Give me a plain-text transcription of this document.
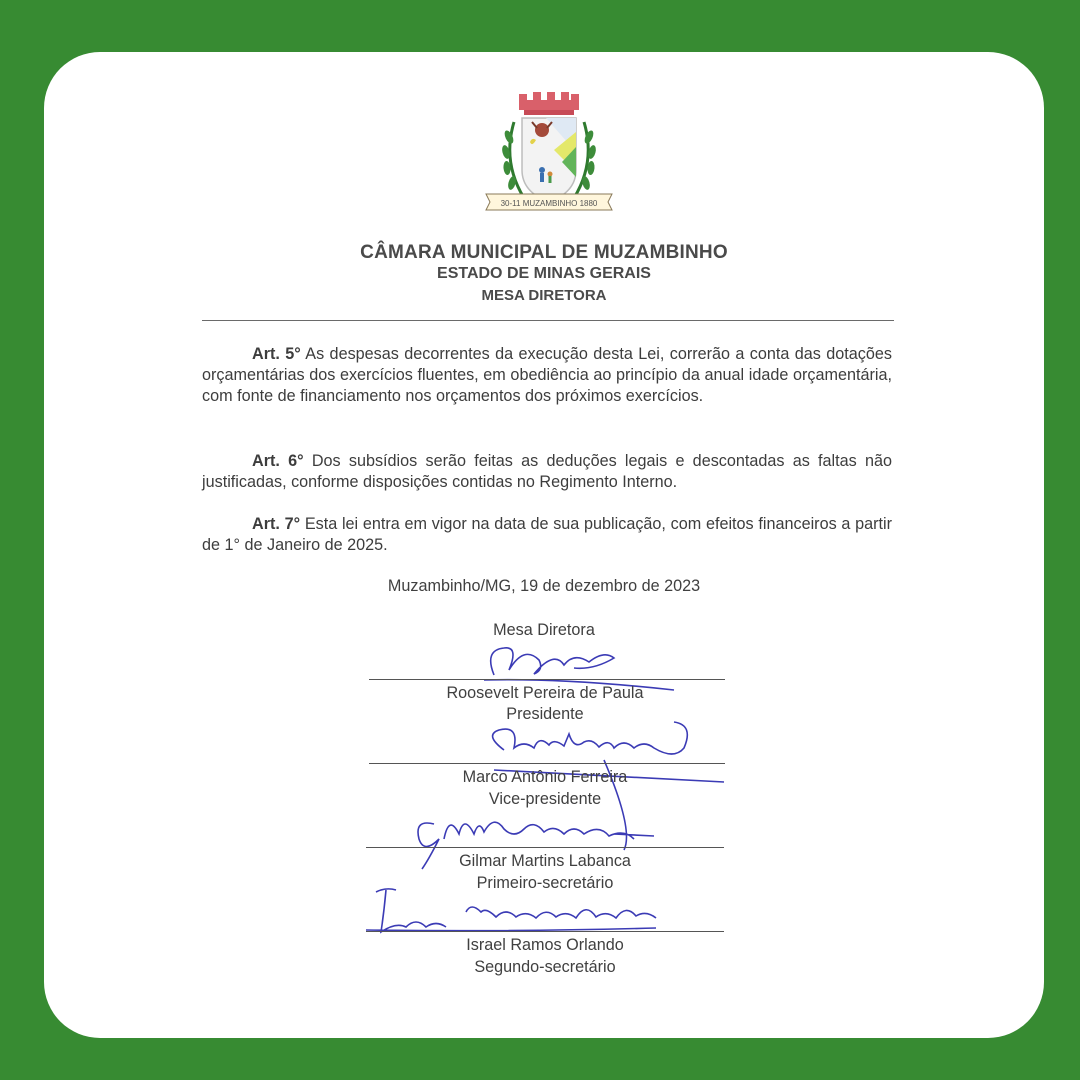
30-11 MUZAMBINHO 1880
CÂMARA MUNICIPAL DE MUZAMBINHO
ESTADO DE MINAS GERAIS
MESA DIRETORA

Art. 5° As despesas decorrentes da execução desta Lei, correrão a conta das dotações orçamentárias dos exercícios fluentes, em obediência ao princípio da anual idade orçamentária, com fonte de financiamento nos orçamentos dos próximos exercícios.

Art. 6° Dos subsídios serão feitas as deduções legais e descontadas as faltas não justificadas, conforme disposições contidas no Regimento Interno.

Art. 7° Esta lei entra em vigor na data de sua publicação, com efeitos financeiros a partir de 1° de Janeiro de 2025.

Muzambinho/MG, 19 de dezembro de 2023
Mesa Diretora
Roosevelt Pereira de Paula
Presidente
Marco Antônio Ferreira
Vice-presidente
Gilmar Martins Labanca
Primeiro-secretário
Israel Ramos Orlando
Segundo-secretário
